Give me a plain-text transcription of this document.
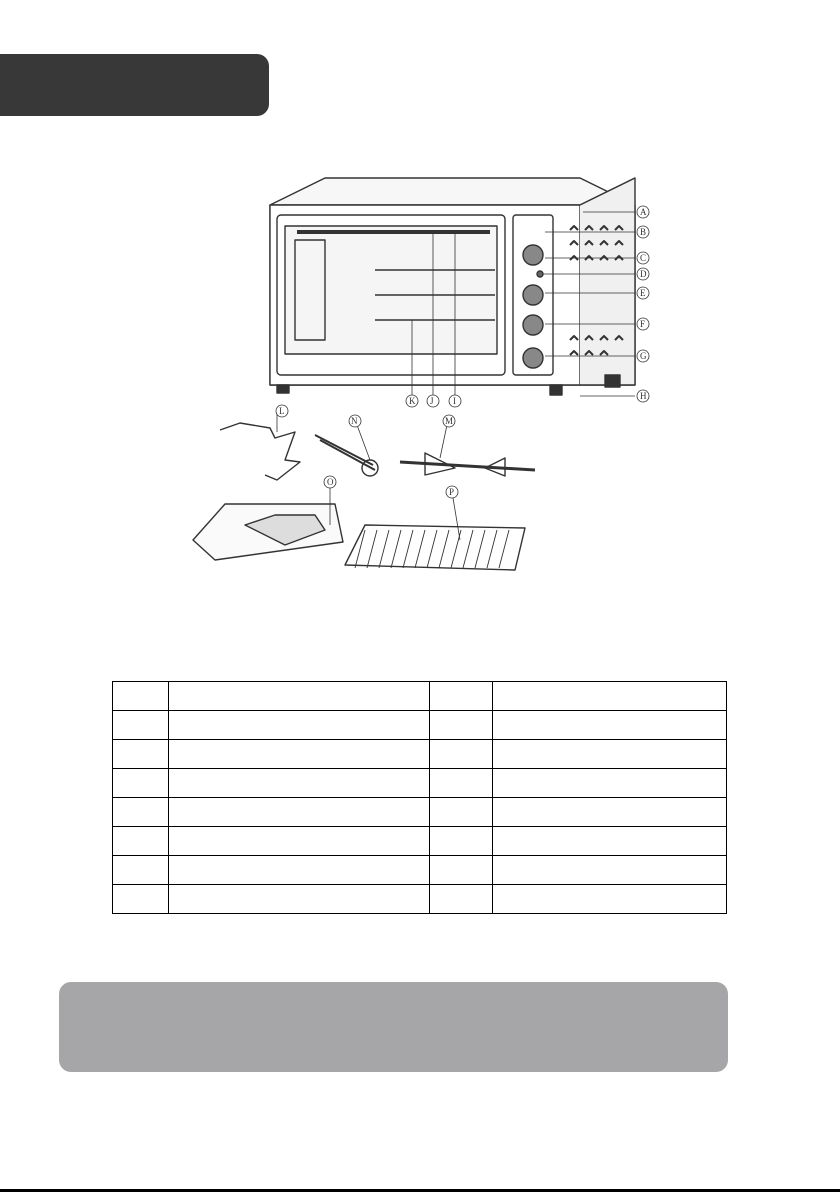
A
B
C
D
E
F
G
H
I
J
K
L
M
N
O
P
